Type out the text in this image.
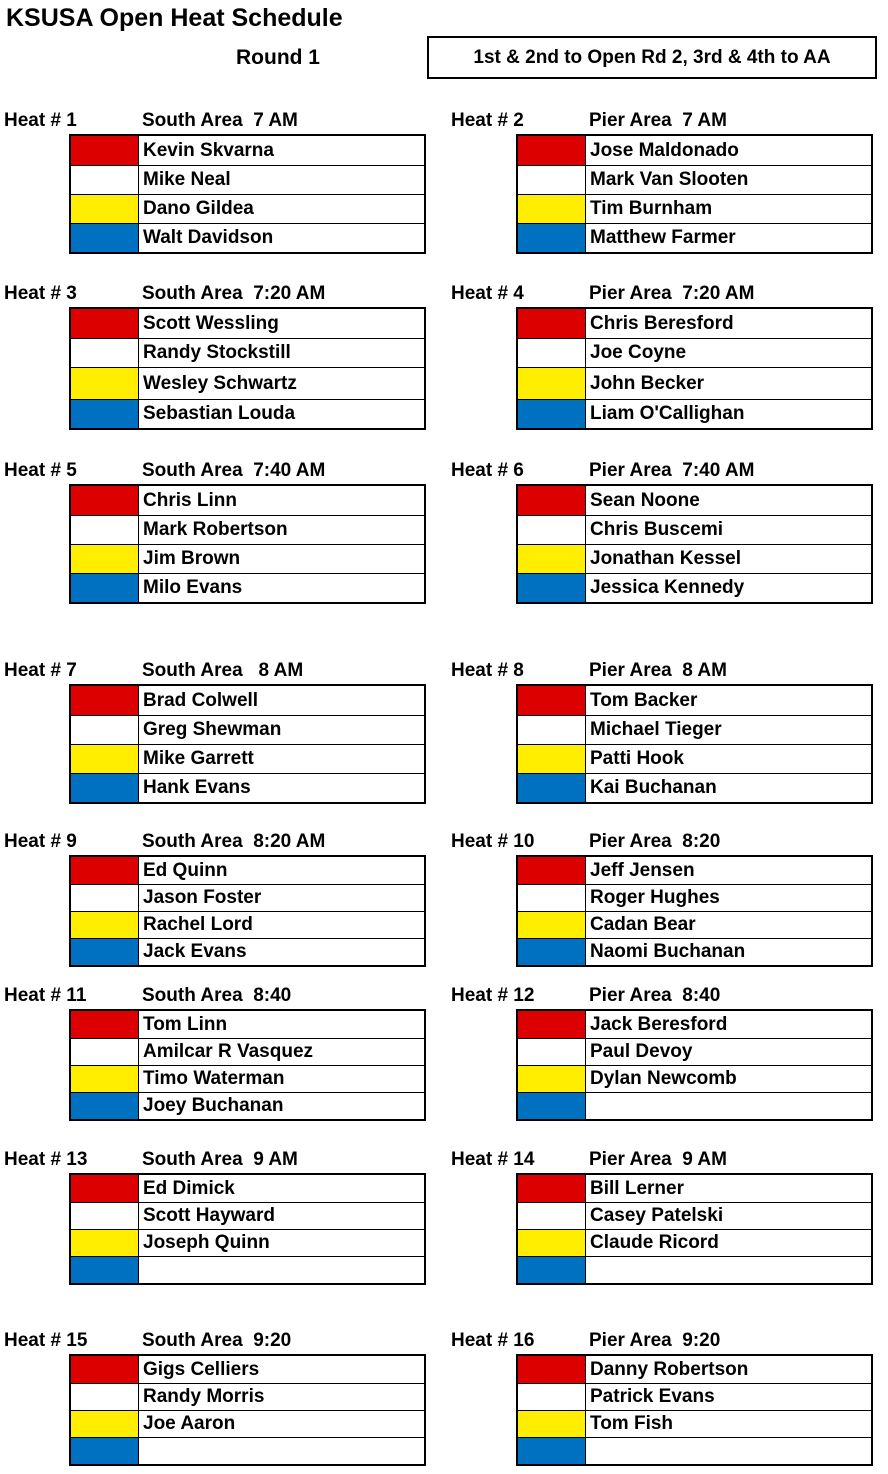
KSUSA Open Heat Schedule
Round 1	1st & 2nd to Open Rd 2, 3rd & 4th to AA
Heat # 1	South Area  7 AM
Kevin Skvarna
Mike Neal
Dano Gildea
Walt Davidson
Heat # 2	Pier Area  7 AM
Jose Maldonado
Mark Van Slooten
Tim Burnham
Matthew Farmer
Heat # 3	South Area  7:20 AM
Scott Wessling
Randy Stockstill
Wesley Schwartz
Sebastian Louda
Heat # 4	Pier Area  7:20 AM
Chris Beresford
Joe Coyne
John Becker
Liam O'Callighan
Heat # 5	South Area  7:40 AM
Chris Linn
Mark Robertson
Jim Brown
Milo Evans
Heat # 6	Pier Area  7:40 AM
Sean Noone
Chris Buscemi
Jonathan Kessel
Jessica Kennedy
Heat # 7	South Area   8 AM
Brad Colwell
Greg Shewman
Mike Garrett
Hank Evans
Heat # 8	Pier Area  8 AM
Tom Backer
Michael Tieger
Patti Hook
Kai Buchanan
Heat # 9	South Area  8:20 AM
Ed Quinn
Jason Foster
Rachel Lord
Jack Evans
Heat # 10	Pier Area  8:20
Jeff Jensen
Roger Hughes
Cadan Bear
Naomi Buchanan
Heat # 11	South Area  8:40
Tom Linn
Amilcar R Vasquez
Timo Waterman
Joey Buchanan
Heat # 12	Pier Area  8:40
Jack Beresford
Paul Devoy
Dylan Newcomb
Heat # 13	South Area  9 AM
Ed Dimick
Scott Hayward
Joseph Quinn
Heat # 14	Pier Area  9 AM
Bill Lerner
Casey Patelski
Claude Ricord
Heat # 15	South Area  9:20
Gigs Celliers
Randy Morris
Joe Aaron
Heat # 16	Pier Area  9:20
Danny Robertson
Patrick Evans
Tom Fish
